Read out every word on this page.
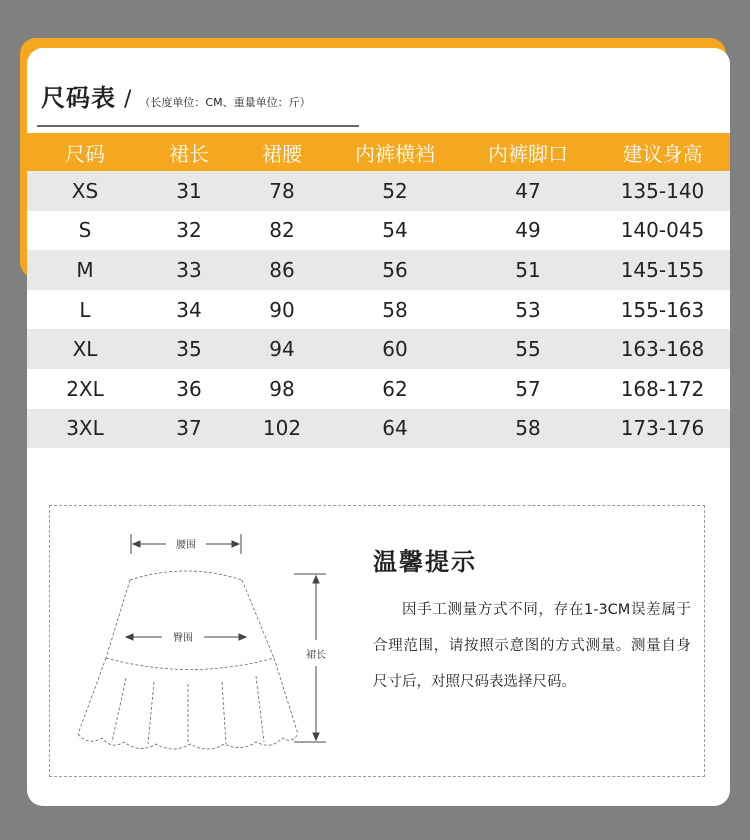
尺码表 / （长度单位：CM、重量单位：斤）
尺码	裙长	裙腰	内裤横裆	内裤脚口	建议身高
XS	31	78	52	47	135-140
S	32	82	54	49	140-045
M	33	86	56	51	145-155
L	34	90	58	53	155-163
XL	35	94	60	55	163-168
2XL	36	98	62	57	168-172
3XL	37	102	64	58	173-176
腰围
臀围
裙长
温馨提示
因手工测量方式不同，存在1-3CM误差属于合理范围，请按照示意图的方式测量。测量自身尺寸后，对照尺码表选择尺码。
